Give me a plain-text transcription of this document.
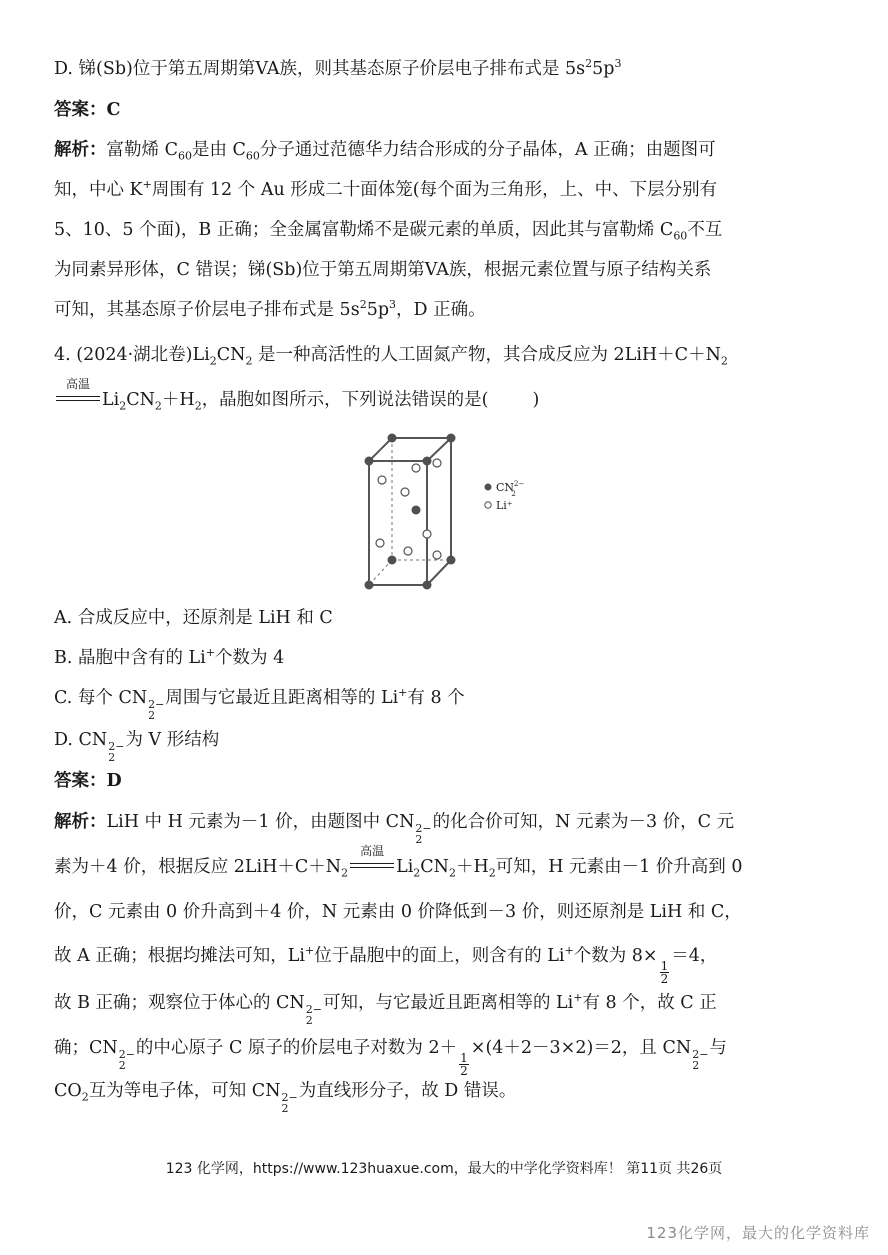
D. 锑(Sb)位于第五周期第VA族，则其基态原子价层电子排布式是 $5s^25p^3$
答案：C
解析：富勒烯 $C_{60}$是由 $C_{60}$分子通过范德华力结合形成的分子晶体，A 正确；由题图可
知，中心 K+周围有 12 个 Au 形成二十面体笼(每个面为三角形，上、中、下层分别有
5、10、5 个面)，B 正确；全金属富勒烯不是碳元素的单质，因此其与富勒烯 $C_{60}$不互
为同素异形体，C 错误；锑(Sb)位于第五周期第VA族，根据元素位置与原子结构关系
可知，其基态原子价层电子排布式是 $5s^25p^3$，D 正确。
4. (2024·湖北卷)$Li_2CN_2$ 是一种高活性的人工固氮产物，其合成反应为 $2LiH+C+N_2$
高温
$Li_2CN_2+H_2$，晶胞如图所示，下列说法错误的是(	)
$CN^{2-}$ 2
Li⁺
A. 合成反应中，还原剂是 LiH 和 C
B. 晶胞中含有的 Li+个数为 4
C. 每个 CN 2−
2
周围与它最近且距离相等的 Li+有 8 个
D. CN 2−
2
为 V 形结构
答案：D
解析：LiH 中 H 元素为－1 价，由题图中 CN 2−
2
的化合价可知，N 元素为－3 价，C 元
素为＋4 价，根据反应 $2LiH+C+N_2$
高温
$Li_2CN_2+H_2$可知，H 元素由－1 价升高到 0
价，C 元素由 0 价升高到＋4 价，N 元素由 0 价降低到－3 价，则还原剂是 LiH 和 C，
故 A 正确；根据均摊法可知，Li+位于晶胞中的面上，则含有的 Li+个数为 8×
$\frac{1}{2}$
＝4，
故 B 正确；观察位于体心的 CN 2−
2
可知，与它最近且距离相等的 Li+有 8 个，故 C 正
确；CN 2−
2
的中心原子 C 原子的价层电子对数为 2＋
$\frac{1}{2}$
×(4＋2－3×2)＝2，且 CN 2−
2
与
$CO_2$互为等电子体，可知 CN 2−
2
为直线形分子，故 D 错误。
123 化学网，https://www.123huaxue.com，最大的中学化学资料库！ 第11页 共26页
123化学网，最大的化学资料库
